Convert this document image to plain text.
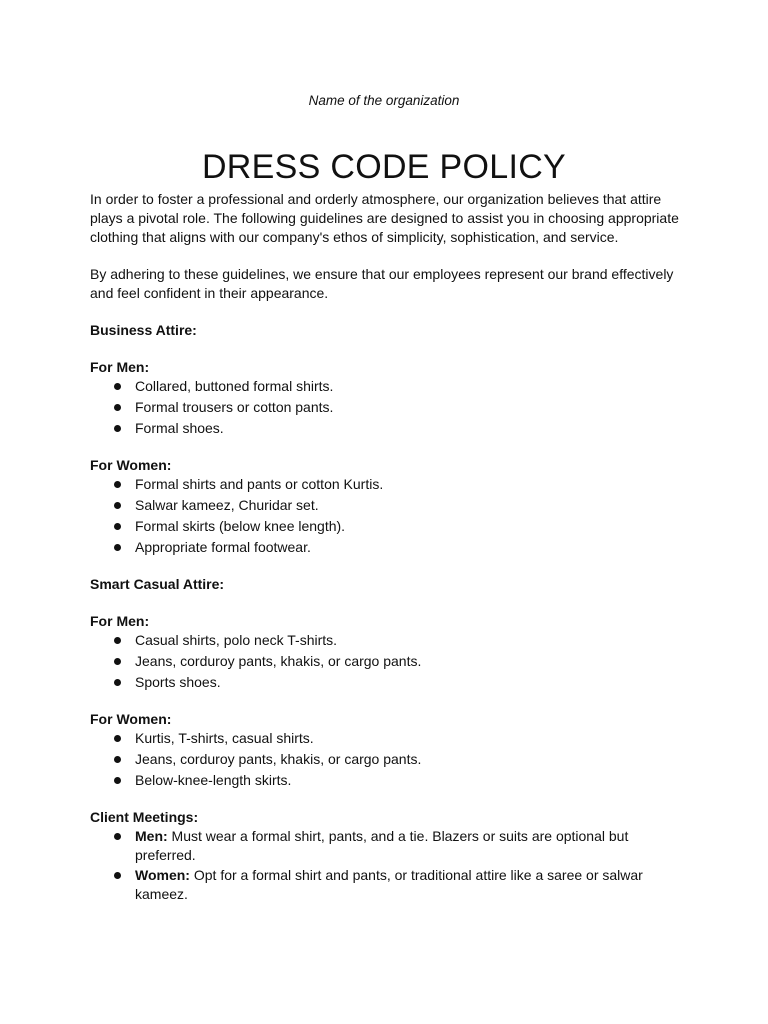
Name of the organization
DRESS CODE POLICY

In order to foster a professional and orderly atmosphere, our organization believes that attire plays a pivotal role. The following guidelines are designed to assist you in choosing appropriate clothing that aligns with our company's ethos of simplicity, sophistication, and service.

By adhering to these guidelines, we ensure that our employees represent our brand effectively and feel confident in their appearance.

Business Attire:

For Men:

Collared, buttoned formal shirts.
Formal trousers or cotton pants.
Formal shoes.

For Women:

Formal shirts and pants or cotton Kurtis.
Salwar kameez, Churidar set.
Formal skirts (below knee length).
Appropriate formal footwear.

Smart Casual Attire:

For Men:

Casual shirts, polo neck T-shirts.
Jeans, corduroy pants, khakis, or cargo pants.
Sports shoes.

For Women:

Kurtis, T-shirts, casual shirts.
Jeans, corduroy pants, khakis, or cargo pants.
Below-knee-length skirts.

Client Meetings:

Men: Must wear a formal shirt, pants, and a tie. Blazers or suits are optional but preferred.
Women: Opt for a formal shirt and pants, or traditional attire like a saree or salwar kameez.
